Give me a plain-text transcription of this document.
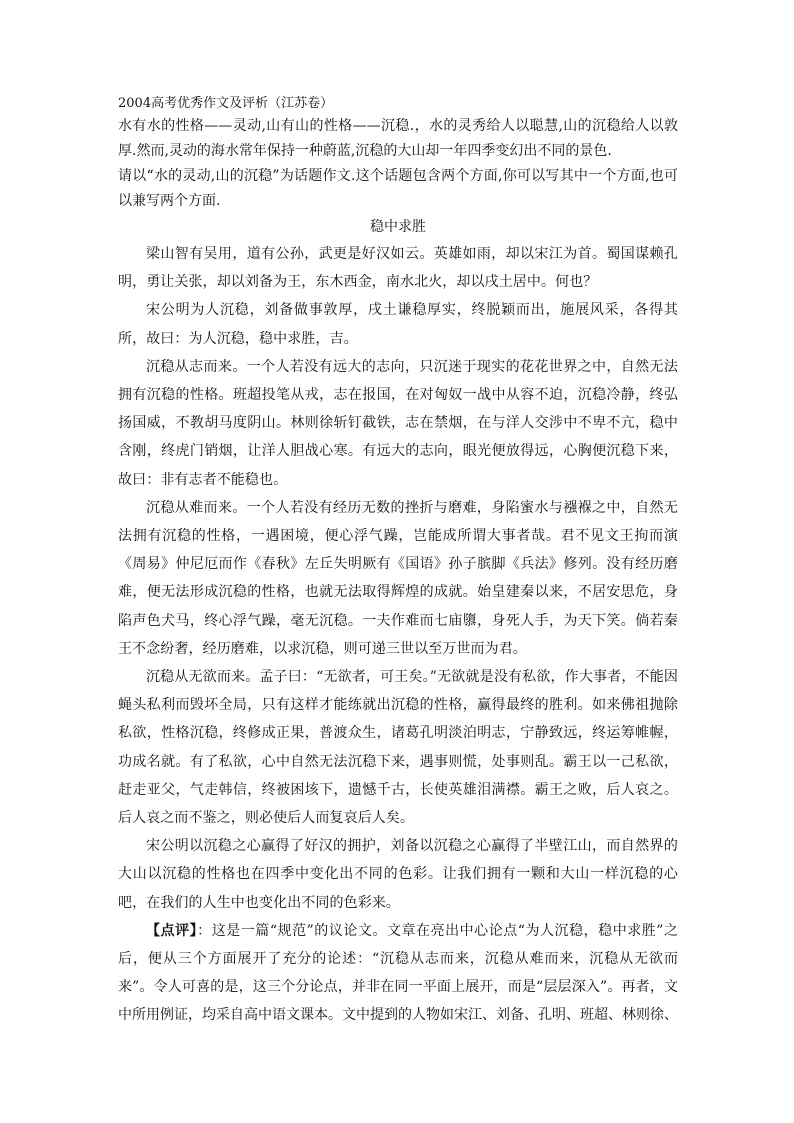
2004高考优秀作文及评析（江苏卷）

水有水的性格——灵动,山有山的性格——沉稳.，水的灵秀给人以聪慧,山的沉稳给人以敦厚.然而,灵动的海水常年保持一种蔚蓝,沉稳的大山却一年四季变幻出不同的景色.

请以“水的灵动,山的沉稳”为话题作文.这个话题包含两个方面,你可以写其中一个方面,也可以兼写两个方面.

稳中求胜

梁山智有吴用，道有公孙，武更是好汉如云。英雄如雨，却以宋江为首。蜀国谋赖孔明，勇让关张，却以刘备为王，东木西金，南水北火，却以戌土居中。何也？

宋公明为人沉稳，刘备做事敦厚，戌土谦稳厚实，终脱颖而出，施展风采，各得其所，故曰：为人沉稳，稳中求胜，吉。

沉稳从志而来。一个人若没有远大的志向，只沉迷于现实的花花世界之中，自然无法拥有沉稳的性格。班超投笔从戎，志在报国，在对匈奴一战中从容不迫，沉稳冷静，终弘扬国威，不教胡马度阴山。林则徐斩钉截铁，志在禁烟，在与洋人交涉中不卑不亢，稳中含刚，终虎门销烟，让洋人胆战心寒。有远大的志向，眼光便放得远，心胸便沉稳下来，故曰：非有志者不能稳也。

沉稳从难而来。一个人若没有经历无数的挫折与磨难，身陷蜜水与襁褓之中，自然无法拥有沉稳的性格，一遇困境，便心浮气躁，岂能成所谓大事者哉。君不见文王拘而演《周易》仲尼厄而作《春秋》左丘失明厥有《国语》孙子膑脚《兵法》修列。没有经历磨难，便无法形成沉稳的性格，也就无法取得辉煌的成就。始皇建秦以来，不居安思危，身陷声色犬马，终心浮气躁，毫无沉稳。一夫作难而七庙隳，身死人手，为天下笑。倘若秦王不念纷奢，经历磨难，以求沉稳，则可递三世以至万世而为君。

沉稳从无欲而来。孟子曰：“无欲者，可王矣。”无欲就是没有私欲，作大事者，不能因蝇头私利而毁坏全局，只有这样才能练就出沉稳的性格，赢得最终的胜利。如来佛祖抛除私欲，性格沉稳，终修成正果，普渡众生，诸葛孔明淡泊明志，宁静致远，终运筹帷幄，功成名就。有了私欲，心中自然无法沉稳下来，遇事则慌，处事则乱。霸王以一己私欲，赶走亚父，气走韩信，终被困垓下，遗憾千古，长使英雄泪满襟。霸王之败，后人哀之。后人哀之而不鉴之，则必使后人而复哀后人矣。

宋公明以沉稳之心赢得了好汉的拥护，刘备以沉稳之心赢得了半壁江山，而自然界的大山以沉稳的性格也在四季中变化出不同的色彩。让我们拥有一颗和大山一样沉稳的心吧，在我们的人生中也变化出不同的色彩来。

【点评】：这是一篇“规范”的议论文。文章在亮出中心论点“为人沉稳，稳中求胜”之后，便从三个方面展开了充分的论述：“沉稳从志而来，沉稳从难而来，沉稳从无欲而来”。令人可喜的是，这三个分论点，并非在同一平面上展开，而是“层层深入”。再者，文中所用例证，均采自高中语文课本。文中提到的人物如宋江、刘备、孔明、班超、林则徐、
